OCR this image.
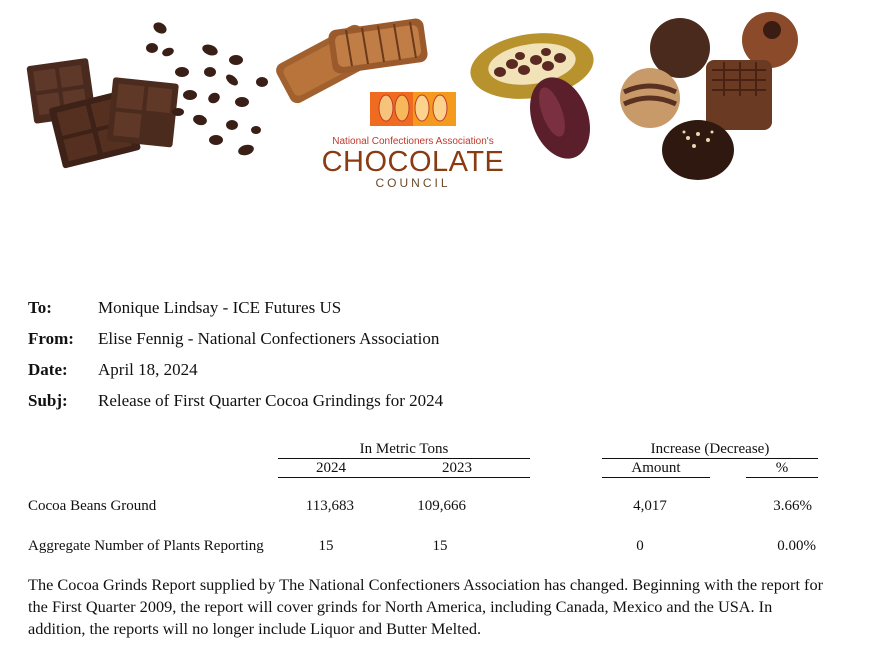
National Confectioners Association's
CHOCOLATE
COUNCIL
To:	Monique Lindsay - ICE Futures US
From: Elise Fennig - National Confectioners Association
Date: April 18, 2024
Subj: Release of First Quarter Cocoa Grindings for 2024
In Metric Tons	Increase (Decrease)
2024	2023	Amount	%
Cocoa Beans Ground	113,683	109,666	4,017	3.66%
Aggregate Number of Plants Reporting	15	15	0	0.00%
The Cocoa Grinds Report supplied by The National Confectioners Association has changed. Beginning with the report for the First Quarter 2009, the report will cover grinds for North America, including Canada, Mexico and the USA. In addition, the reports will no longer include Liquor and Butter Melted.
